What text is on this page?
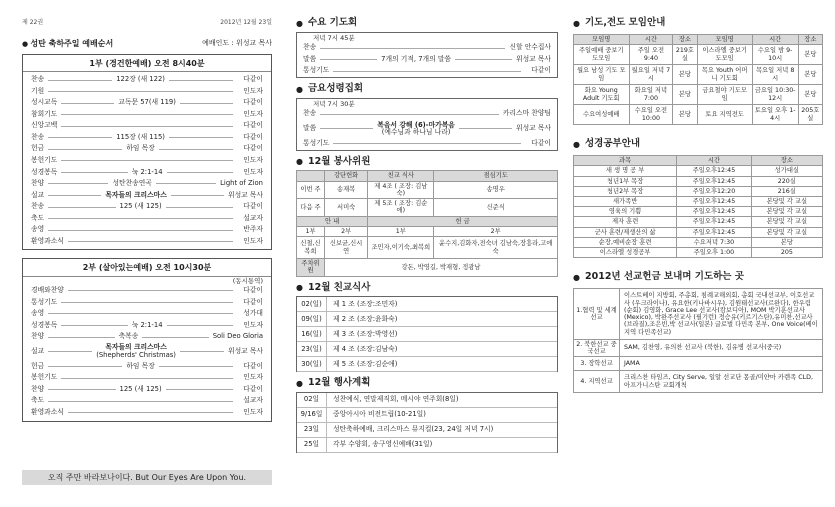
제 22권	2012년 12월 23일
● 성탄 축하주일 예배순서	예배인도 : 위성교 목사
1부 (경건한예배) 오전 8시40분
찬송	122장 (새 122)	다같이
기원	인도자
성시교독	교독문 57(새 119)	다같이
참회기도	인도자
신앙고백	다같이
찬송	115장 (새 115)	다같이
헌금	하임 목장	다같이
봉헌기도	인도자
성경봉독	눅 2:1-14	인도자
찬양	성탄찬송연곡	Light of Zion
설교	목자들의 크리스마스	위성교 목사
찬송	125 (새 125)	다같이
축도	설교자
송영	반주자
환영과소식	인도자
2부 (살아있는예배) 오전 10시30분
(동시통역)
경배와찬양	다같이
통성기도	다같이
송영	성가대
성경봉독	눅 2:1-14	인도자
찬양	축복송	Soli Deo Gloria
설교	목자들의 크리스마스
(Shepherds' Christmas)	위성교 목사
헌금	하임 목장	다같이
봉헌기도	인도자
찬양	125 (새 125)	다같이
축도	설교자
환영과소식	인도자
오직 주만 바라보나이다. But Our Eyes Are Upon You.
● 수요 기도회
저녁 7시 45분
찬송	신할 안수집사
말씀	7개의 기적, 7개의 말씀	위성교 목사
통성기도	다같이
● 금요성령집회
저녁 7시 30분
찬송	카리스마 찬양팀
말씀	복음서 강해 (6)-마가복음
(예수님과 하나님 나라)	위성교 목사
통성기도	다같이
● 12월 봉사위원
	강단헌화	친교 식사	점심기도
이번 주	송재복	제 4조 ( 조장: 김남숙)	송명우
다음 주	서미숙	제 5조 ( 조장: 김순애)	신준식
안 내		헌 금	
1부	2부	1부	2부
신철,신복희	신보균,신시연	조민자,이기숙,최복희	윤수지,김화자,전숙녀 김남숙,장흥라,고애숙
주차위원	강돈, 박영길, 박재형, 정광남		
● 12월 친교식사
02(일)	제 1 조 (조장:조민자)
09(일)	제 2 조 (조장:윤화숙)
16(일)	제 3 조 (조장:박영선)
23(일)	제 4 조 (조장:김남숙)
30(일)	제 5 조 (조장:김순애)
● 12월 행사계획
02일	성찬예식, 연말제직회, 메시야 연주회(8일)
9/16일	중앙아시아 비전트립(10-21일)
23일	성탄축하예배, 크리스마스 뮤지컬(23, 24일 저녁 7시)
25일	각부 수양회, 송구영신예배(31일)
● 기도,전도 모임안내
모임명	시간	장소	모임명	시간	장소
주일예배 중보기도모임	주일 오전 9:40	219호실	이스라엘 중보기도모임	수요일 밤 9-10시	본당
월요 남성 기도 모임	월요일 저녁 7시	본당	목요 Youth 어머니 기도회	목요일 저녁 8시	본당
화요 Young Adult 기도회	화요일 저녁7:00	본당	금요철야 기도모임	금요일 10:30-12시	본당
수요여성예배	수요일 오전 10:00	본당	토요 지역전도	토요일 오후 1-4시	205호실
● 성경공부안내
과목	시간	장소
새 생 명 공 부	주일오후12:45	성가대실
청년1부 목장	주일오후12:45	220실
청년2부 목장	주일오후12:20	216실
새가족반	주일오후12:45	본당및 각 교실
영육의 기쁨	주일오후12:45	본당및 각 교실
제자 훈련	주일오후12:45	본당및 각 교실
군사 훈련/제생산의 삶	주일오후12:45	본당및 각 교실
순장,예비순장 훈련	수요저녁 7:30	본당
이스라엘 성경공부	주일오후 1:00	205
● 2012년 선교헌금 보내며 기도하는 곳
1.협력 및 세계선교	이스트베이 지방회, 주총회, 침례교해외회, 총회 국내선교부, 이호선교사 (우크라이나), 유요한(키나바시우), 김원태선교사(르완다), 한우림(순회) 김영화, Grace Lee 선교사(캄보디아), MOM 박기훈선교사 (Mexico), 박완주선교사 (필기런) 정승유(키르기스탄),유미찬,선교사(브라질),조은빈,박 선교사(일본) 글로벌 다민족 본부, One Voice(베이지역 다민족선교)
2. 북한선교 중국선교	SAM, 김찬영, 유의찬 선교사 (북한), 김유병 선교사(중국)
3. 장학선교	JAMA
4. 지역선교	크리스찬 타임즈, City Serve, 일알 선교단 몽골/미얀마 카렌족 CLD, 아프가니스탄 교회개척
